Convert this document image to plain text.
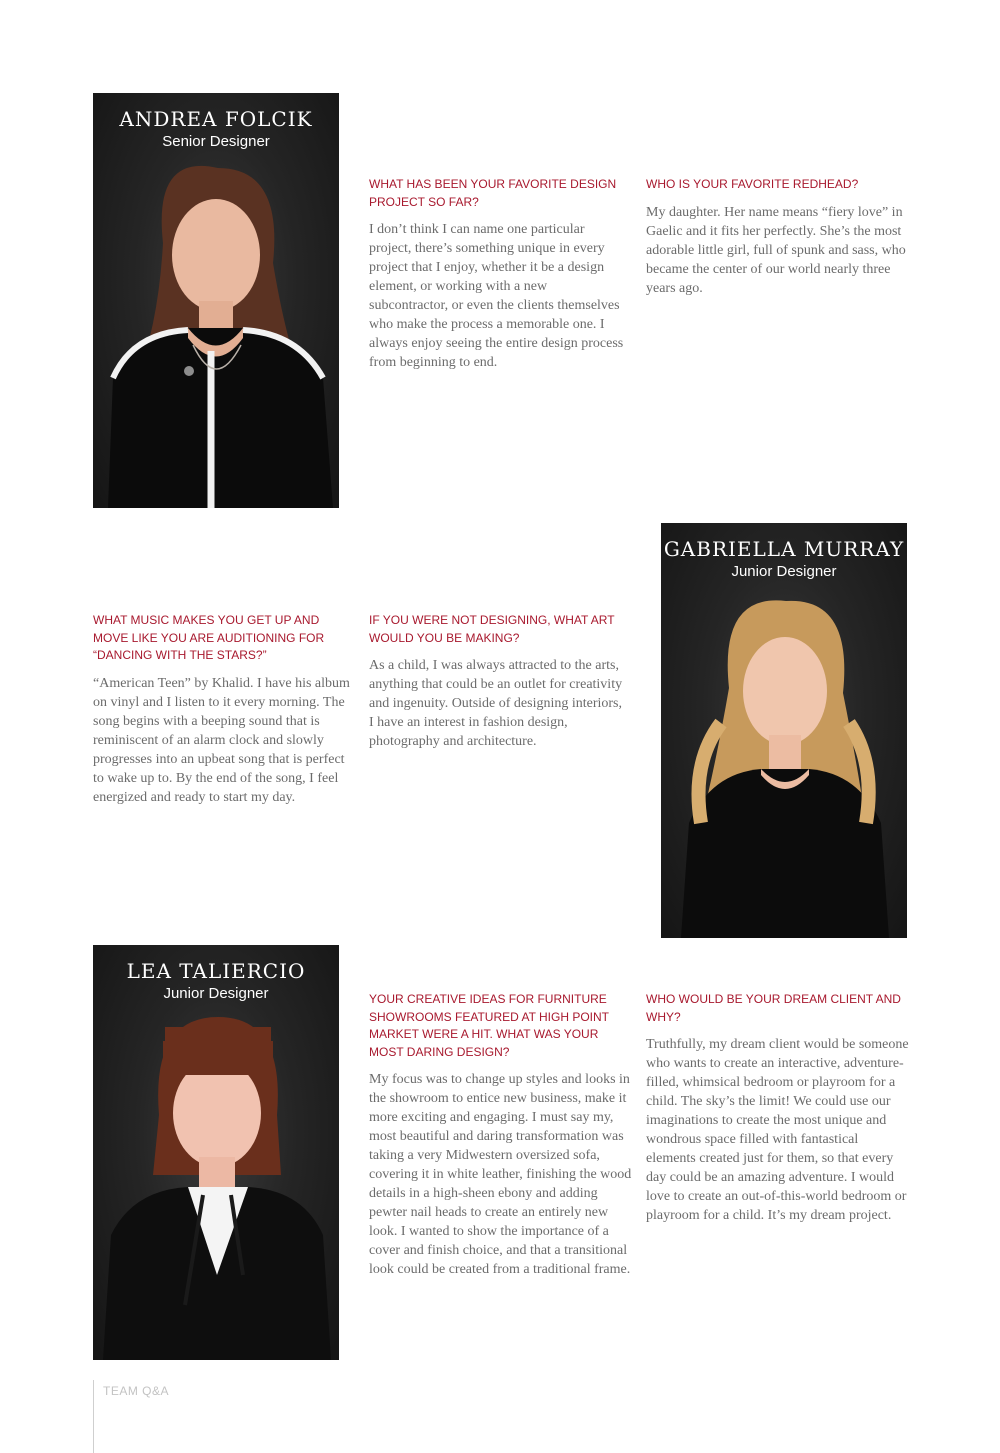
ANDREA FOLCIK

Senior Designer

WHAT HAS BEEN YOUR FAVORITE DESIGN PROJECT SO FAR?

I don’t think I can name one particular project, there’s something unique in every project that I enjoy, whether it be a design element, or working with a new subcontractor, or even the clients themselves who make the process a memorable one. I always enjoy seeing the entire design process from beginning to end.

WHO IS YOUR FAVORITE REDHEAD?

My daughter. Her name means “fiery love” in Gaelic and it fits her perfectly. She’s the most adorable little girl, full of spunk and sass, who became the center of our world nearly three years ago.

WHAT MUSIC MAKES YOU GET UP AND MOVE LIKE YOU ARE AUDITIONING FOR “DANCING WITH THE STARS?”

“American Teen” by Khalid. I have his album on vinyl and I listen to it every morning. The song begins with a beeping sound that is reminiscent of an alarm clock and slowly progresses into an upbeat song that is perfect to wake up to. By the end of the song, I feel energized and ready to start my day.

IF YOU WERE NOT DESIGNING, WHAT ART WOULD YOU BE MAKING?

As a child, I was always attracted to the arts, anything that could be an outlet for creativity and ingenuity. Outside of designing interiors, I have an interest in fashion design, photography and architecture.

GABRIELLA MURRAY

Junior Designer

LEA TALIERCIO

Junior Designer	YOUR CREATIVE IDEAS FOR FURNITURE SHOWROOMS FEATURED AT HIGH POINT MARKET WERE A HIT. WHAT WAS YOUR MOST DARING DESIGN?

My focus was to change up styles and looks in the showroom to entice new business, make it more exciting and engaging. I must say my, most beautiful and daring transformation was taking a very Midwestern oversized sofa, covering it in white leather, finishing the wood details in a high-sheen ebony and adding pewter nail heads to create an entirely new look. I wanted to show the importance of a cover and finish choice, and that a transitional look could be created from a traditional frame.

WHO WOULD BE YOUR DREAM CLIENT AND WHY?

Truthfully, my dream client would be someone who wants to create an interactive, adventure-filled, whimsical bedroom or playroom for a child. The sky’s the limit! We could use our imaginations to create the most unique and wondrous space filled with fantastical elements created just for them, so that every day could be an amazing adventure. I would love to create an out-of-this-world bedroom or playroom for a child. It’s my dream project.

TEAM Q&A
